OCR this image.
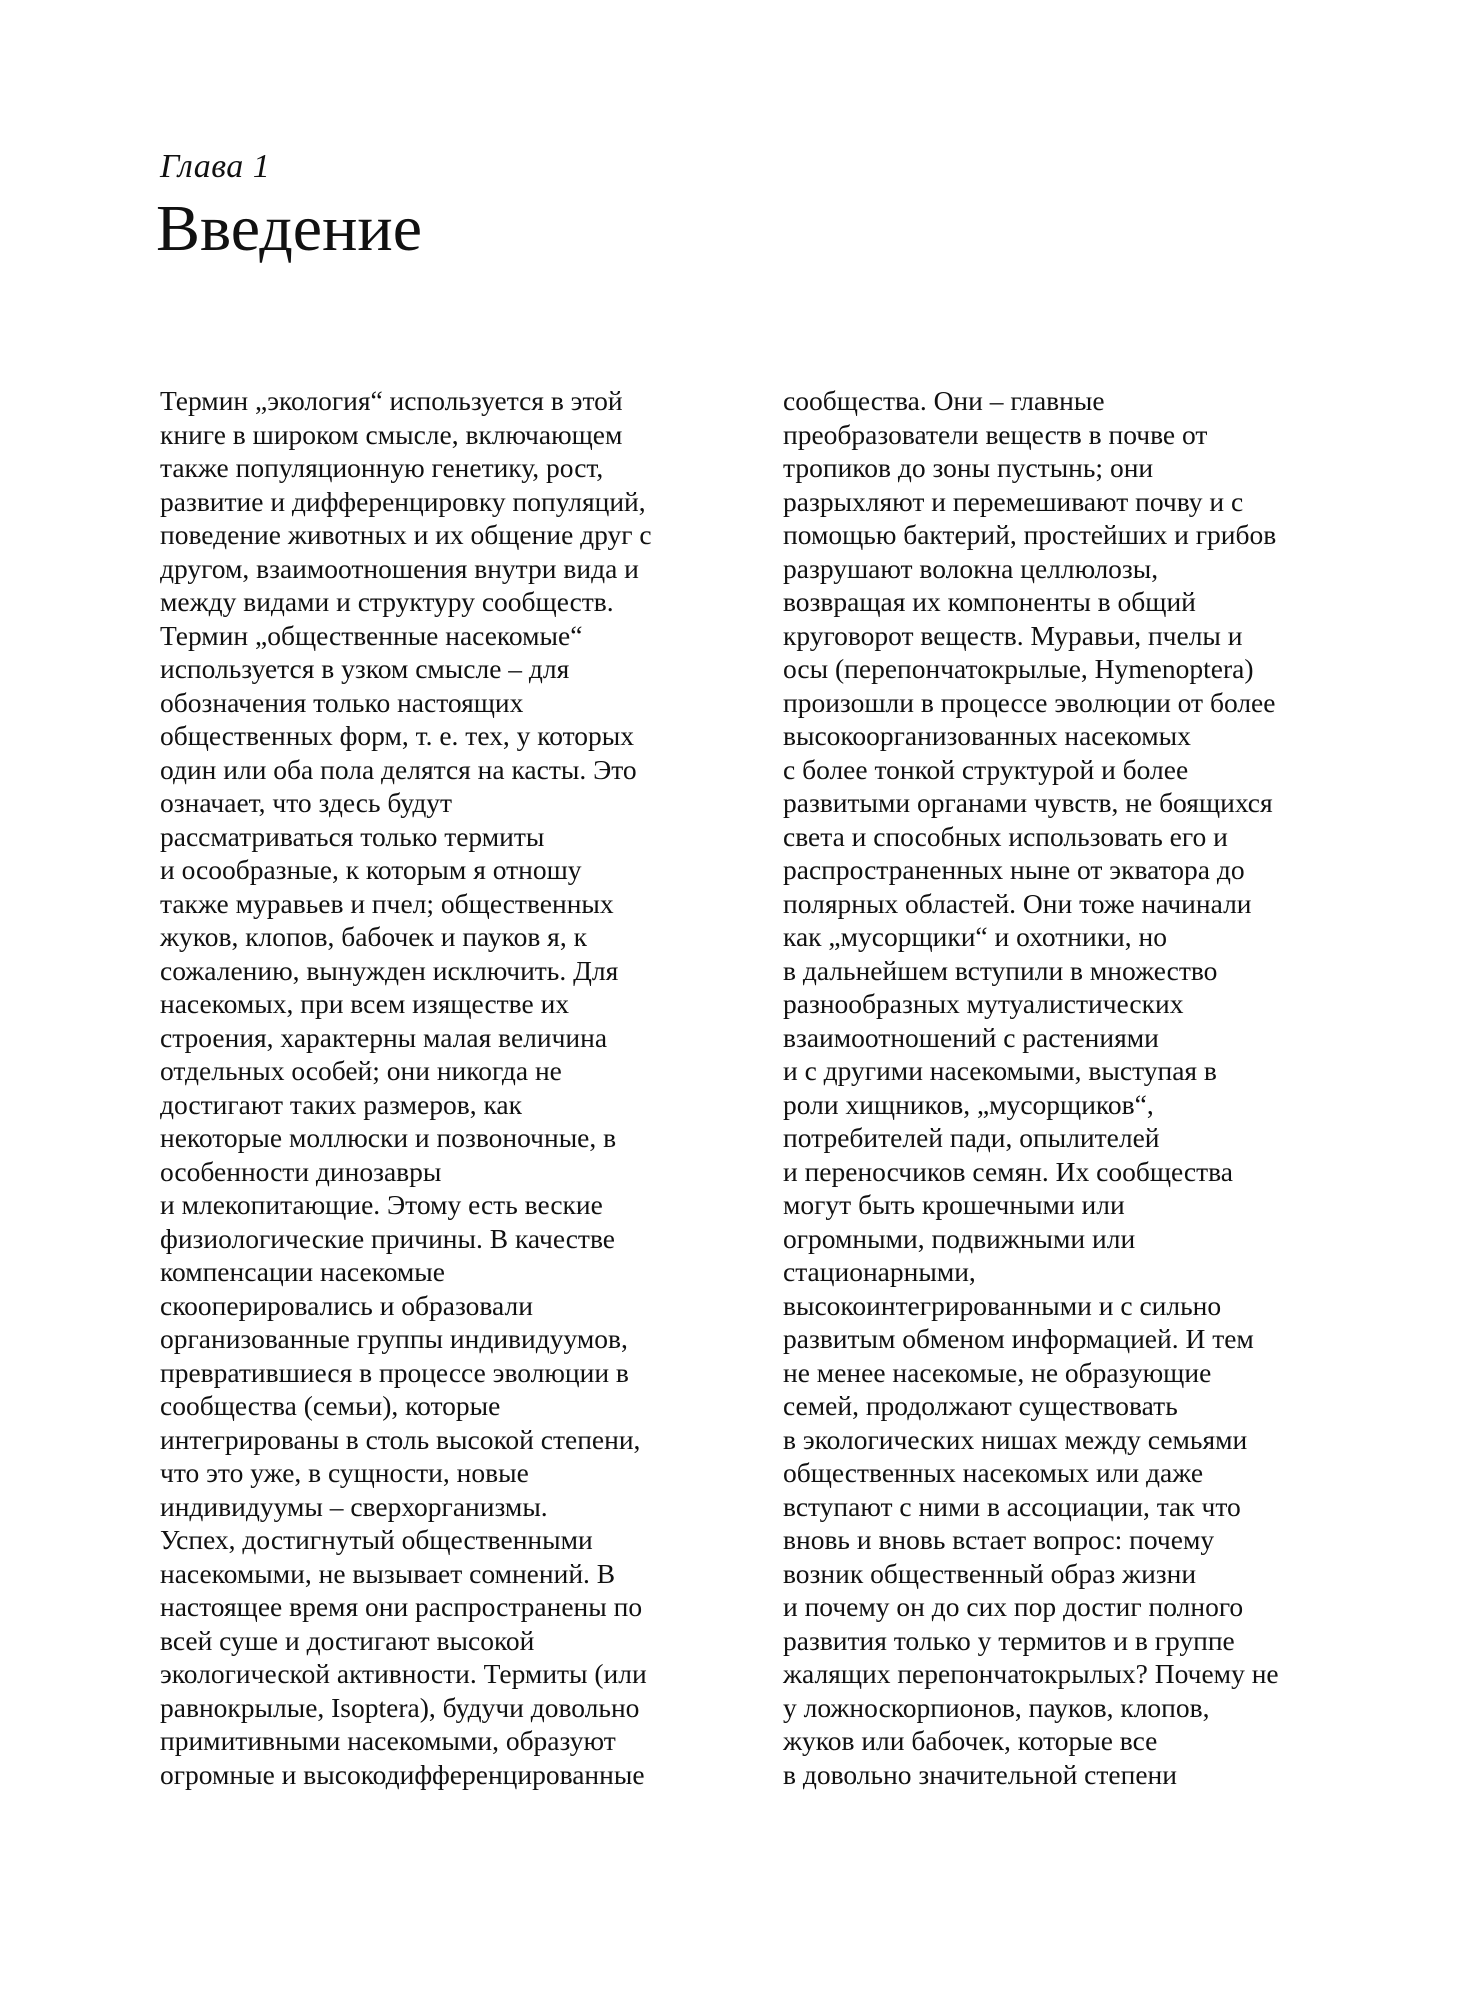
Глава 1
Введение
Термин „экология“ используется в этой
книге в широком смысле, включающем
также популяционную генетику, рост,
развитие и дифференцировку популяций,
поведение животных и их общение друг с
другом, взаимоотношения внутри вида и
между видами и структуру сообществ.
Термин „общественные насекомые“
используется в узком смысле – для
обозначения только настоящих
общественных форм, т. е. тех, у которых
один или оба пола делятся на касты. Это
означает, что здесь будут
рассматриваться только термиты
и осообразные, к которым я отношу
также муравьев и пчел; общественных
жуков, клопов, бабочек и пауков я, к
сожалению, вынужден исключить. Для
насекомых, при всем изяществе их
строения, характерны малая величина
отдельных особей; они никогда не
достигают таких размеров, как
некоторые моллюски и позвоночные, в
особенности динозавры
и млекопитающие. Этому есть веские
физиологические причины. В качестве
компенсации насекомые
скооперировались и образовали
организованные группы индивидуумов,
превратившиеся в процессе эволюции в
сообщества (семьи), которые
интегрированы в столь высокой степени,
что это уже, в сущности, новые
индивидуумы – сверхорганизмы.
Успех, достигнутый общественными
насекомыми, не вызывает сомнений. В
настоящее время они распространены по
всей суше и достигают высокой
экологической активности. Термиты (или
равнокрылые, Isoptera), будучи довольно
примитивными насекомыми, образуют
огромные и высокодифференцированные
сообщества. Они – главные
преобразователи веществ в почве от
тропиков до зоны пустынь; они
разрыхляют и перемешивают почву и с
помощью бактерий, простейших и грибов
разрушают волокна целлюлозы,
возвращая их компоненты в общий
круговорот веществ. Муравьи, пчелы и
осы (перепончатокрылые, Hymenoptera)
произошли в процессе эволюции от более
высокоорганизованных насекомых
с более тонкой структурой и более
развитыми органами чувств, не боящихся
света и способных использовать его и
распространенных ныне от экватора до
полярных областей. Они тоже начинали
как „мусорщики“ и охотники, но
в дальнейшем вступили в множество
разнообразных мутуалистических
взаимоотношений с растениями
и с другими насекомыми, выступая в
роли хищников, „мусорщиков“,
потребителей пади, опылителей
и переносчиков семян. Их сообщества
могут быть крошечными или
огромными, подвижными или
стационарными,
высокоинтегрированными и с сильно
развитым обменом информацией. И тем
не менее насекомые, не образующие
семей, продолжают существовать
в экологических нишах между семьями
общественных насекомых или даже
вступают с ними в ассоциации, так что
вновь и вновь встает вопрос: почему
возник общественный образ жизни
и почему он до сих пор достиг полного
развития только у термитов и в группе
жалящих перепончатокрылых? Почему не
у ложноскорпионов, пауков, клопов,
жуков или бабочек, которые все
в довольно значительной степени
